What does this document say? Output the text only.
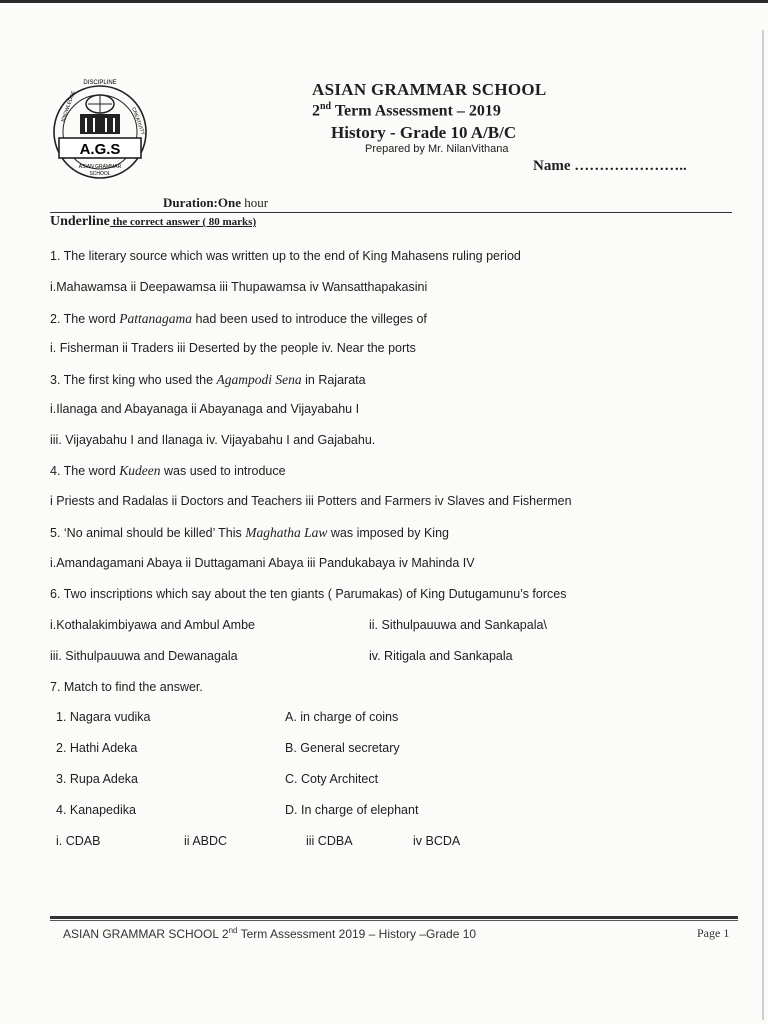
DISCIPLINE
KNOWLEDGE	CREATIVITY
A.G.S
ASIAN GRAMMAR
SCHOOL
ASIAN GRAMMAR SCHOOL
2nd Term Assessment – 2019
History - Grade 10 A/B/C
Prepared by Mr. NilanVithana
Name …………………..
Duration:One hour
Underline the correct answer ( 80 marks)
1. The literary source which was written up to the end of King Mahasens ruling period
i.Mahawamsa ii Deepawamsa iii Thupawamsa iv Wansatthapakasini
2. The word Pattanagama had been used to introduce the villeges of
i. Fisherman ii Traders iii Deserted by the people iv. Near the ports
3. The first king who used the Agampodi Sena in Rajarata
i.Ilanaga and Abayanaga ii Abayanaga and Vijayabahu I
iii. Vijayabahu I and Ilanaga iv. Vijayabahu I and Gajabahu.
4. The word Kudeen was used to introduce
i Priests and Radalas ii Doctors and Teachers iii Potters and Farmers iv Slaves and Fishermen
5. ‘No animal should be killed’ This Maghatha Law was imposed by King
i.Amandagamani Abaya ii Duttagamani Abaya iii Pandukabaya iv Mahinda IV
6. Two inscriptions which say about the ten giants ( Parumakas) of King Dutugamunu’s forces
i.Kothalakimbiyawa and Ambul Ambe	ii. Sithulpauuwa and Sankapala\
iii. Sithulpauuwa and Dewanagala	iv. Ritigala and Sankapala
7. Match to find the answer.
1. Nagara vudika	A. in charge of coins
2. Hathi Adeka	B. General secretary
3. Rupa Adeka	C. Coty Architect
4. Kanapedika	D. In charge of elephant
i. CDAB	ii ABDC	iii CDBA	iv BCDA
ASIAN GRAMMAR SCHOOL 2nd Term Assessment 2019 – History –Grade 10	Page 1
